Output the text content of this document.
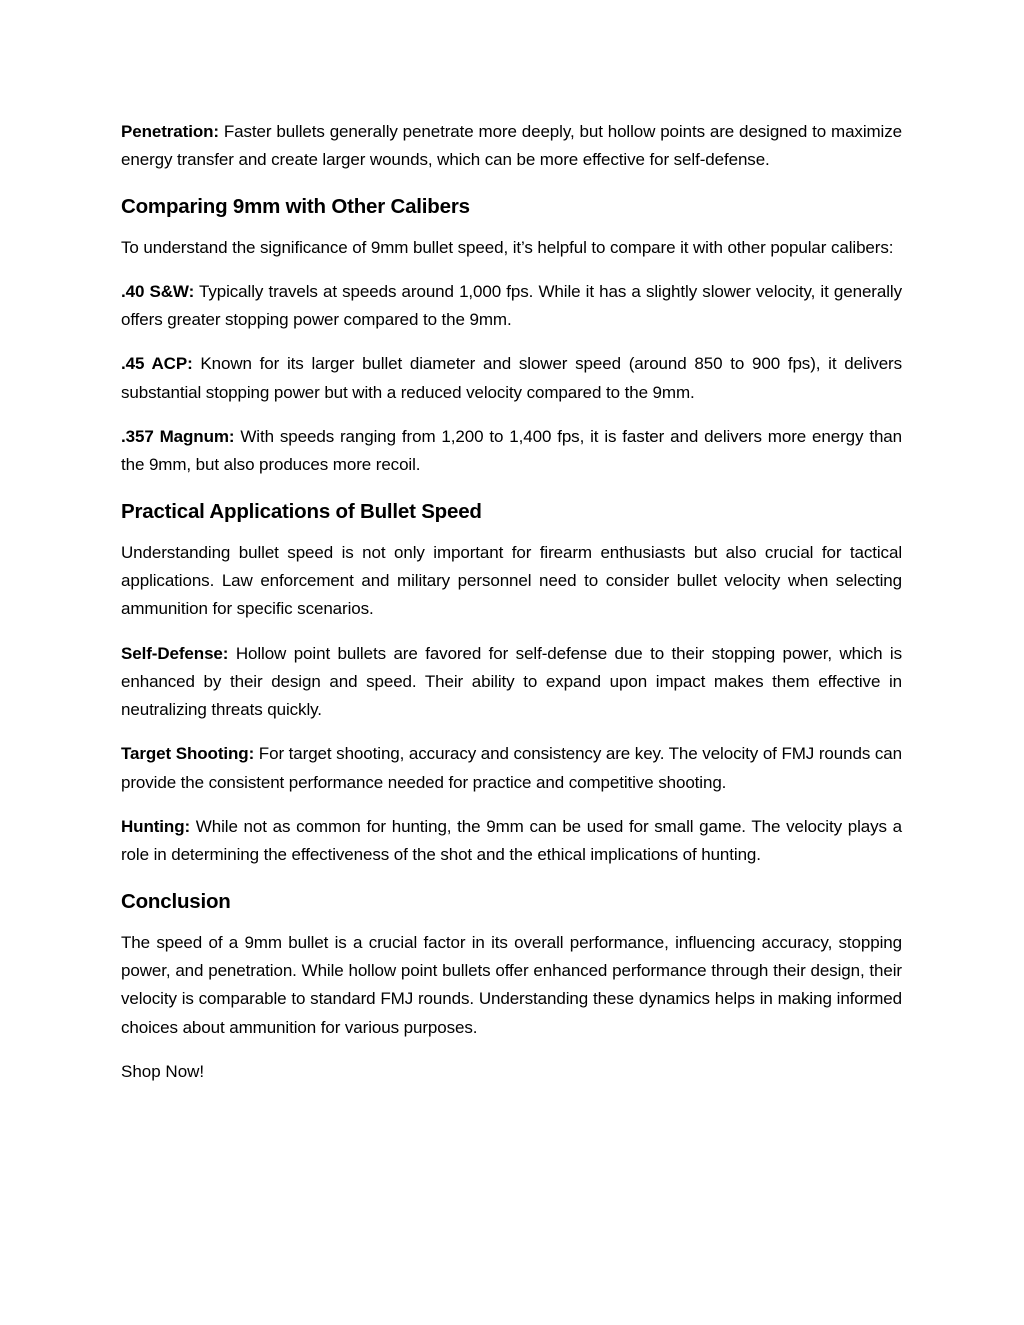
Penetration: Faster bullets generally penetrate more deeply, but hollow points are designed to maximize energy transfer and create larger wounds, which can be more effective for self-defense.

Comparing 9mm with Other Calibers

To understand the significance of 9mm bullet speed, it’s helpful to compare it with other popular calibers:

.40 S&W: Typically travels at speeds around 1,000 fps. While it has a slightly slower velocity, it generally offers greater stopping power compared to the 9mm.

.45 ACP: Known for its larger bullet diameter and slower speed (around 850 to 900 fps), it delivers substantial stopping power but with a reduced velocity compared to the 9mm.

.357 Magnum: With speeds ranging from 1,200 to 1,400 fps, it is faster and delivers more energy than the 9mm, but also produces more recoil.

Practical Applications of Bullet Speed

Understanding bullet speed is not only important for firearm enthusiasts but also crucial for tactical applications. Law enforcement and military personnel need to consider bullet velocity when selecting ammunition for specific scenarios.

Self-Defense: Hollow point bullets are favored for self-defense due to their stopping power, which is enhanced by their design and speed. Their ability to expand upon impact makes them effective in neutralizing threats quickly.

Target Shooting: For target shooting, accuracy and consistency are key. The velocity of FMJ rounds can provide the consistent performance needed for practice and competitive shooting.

Hunting: While not as common for hunting, the 9mm can be used for small game. The velocity plays a role in determining the effectiveness of the shot and the ethical implications of hunting.

Conclusion

The speed of a 9mm bullet is a crucial factor in its overall performance, influencing accuracy, stopping power, and penetration. While hollow point bullets offer enhanced performance through their design, their velocity is comparable to standard FMJ rounds. Understanding these dynamics helps in making informed choices about ammunition for various purposes.

Shop Now!
